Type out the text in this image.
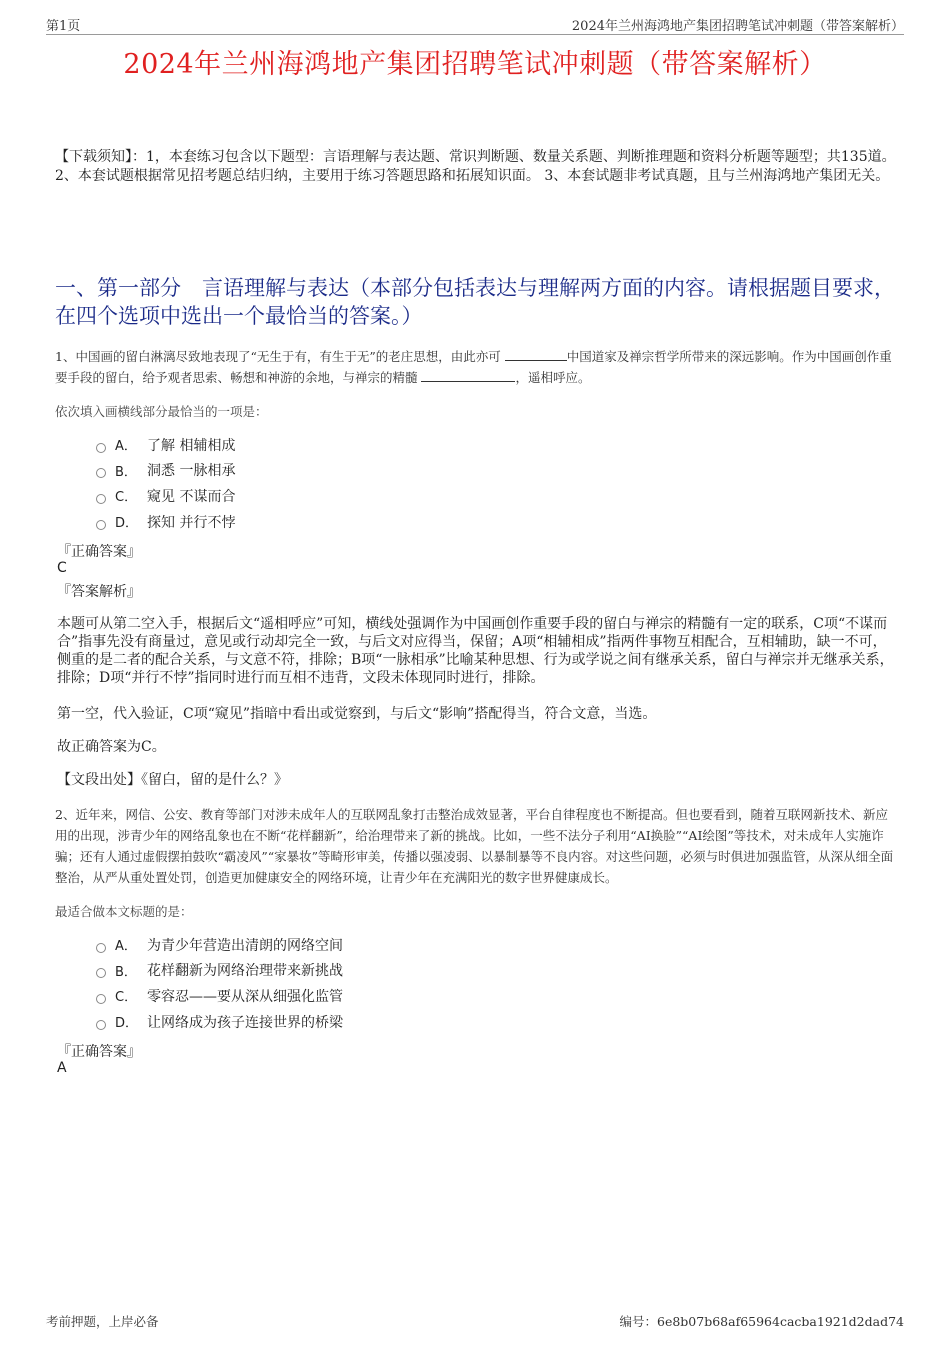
第1页	2024年兰州海鸿地产集团招聘笔试冲刺题（带答案解析）
2024年兰州海鸿地产集团招聘笔试冲刺题（带答案解析）
【下载须知】：1，本套练习包含以下题型：言语理解与表达题、常识判断题、数量关系题、判断推理题和资料分析题等题型；共135道。 2、本套试题根据常见招考题总结归纳，主要用于练习答题思路和拓展知识面。 3、本套试题非考试真题，且与兰州海鸿地产集团无关。
一、第一部分　言语理解与表达（本部分包括表达与理解两方面的内容。请根据题目要求，在四个选项中选出一个最恰当的答案。）
1、中国画的留白淋漓尽致地表现了“无生于有，有生于无”的老庄思想，由此亦可	中国道家及禅宗哲学所带来的深远影响。作为中国画创作重要手段的留白，给予观者思索、畅想和神游的余地，与禅宗的精髓	，遥相呼应。
依次填入画横线部分最恰当的一项是：
A． 了解 相辅相成
B． 洞悉 一脉相承
C． 窥见 不谋而合
D． 探知 并行不悖
『正确答案』
C
『答案解析』
本题可从第二空入手，根据后文“遥相呼应”可知，横线处强调作为中国画创作重要手段的留白与禅宗的精髓有一定的联系，C项“不谋而合”指事先没有商量过，意见或行动却完全一致，与后文对应得当，保留；A项“相辅相成”指两件事物互相配合，互相辅助，缺一不可，侧重的是二者的配合关系，与文意不符，排除；B项“一脉相承”比喻某种思想、行为或学说之间有继承关系，留白与禅宗并无继承关系，排除；D项“并行不悖”指同时进行而互相不违背，文段未体现同时进行，排除。
第一空，代入验证，C项“窥见”指暗中看出或觉察到，与后文“影响”搭配得当，符合文意，当选。
故正确答案为C。
【文段出处】《留白，留的是什么？》
2、近年来，网信、公安、教育等部门对涉未成年人的互联网乱象打击整治成效显著，平台自律程度也不断提高。但也要看到，随着互联网新技术、新应用的出现，涉青少年的网络乱象也在不断“花样翻新”，给治理带来了新的挑战。比如，一些不法分子利用“AI换脸”“AI绘图”等技术，对未成年人实施诈骗；还有人通过虚假摆拍鼓吹“霸凌风”“家暴妆”等畸形审美，传播以强凌弱、以暴制暴等不良内容。对这些问题，必须与时俱进加强监管，从深从细全面整治，从严从重处置处罚，创造更加健康安全的网络环境，让青少年在充满阳光的数字世界健康成长。
最适合做本文标题的是：
A． 为青少年营造出清朗的网络空间
B． 花样翻新为网络治理带来新挑战
C． 零容忍——要从深从细强化监管
D． 让网络成为孩子连接世界的桥梁
『正确答案』
A
考前押题，上岸必备	编号：6e8b07b68af65964cacba1921d2dad74
